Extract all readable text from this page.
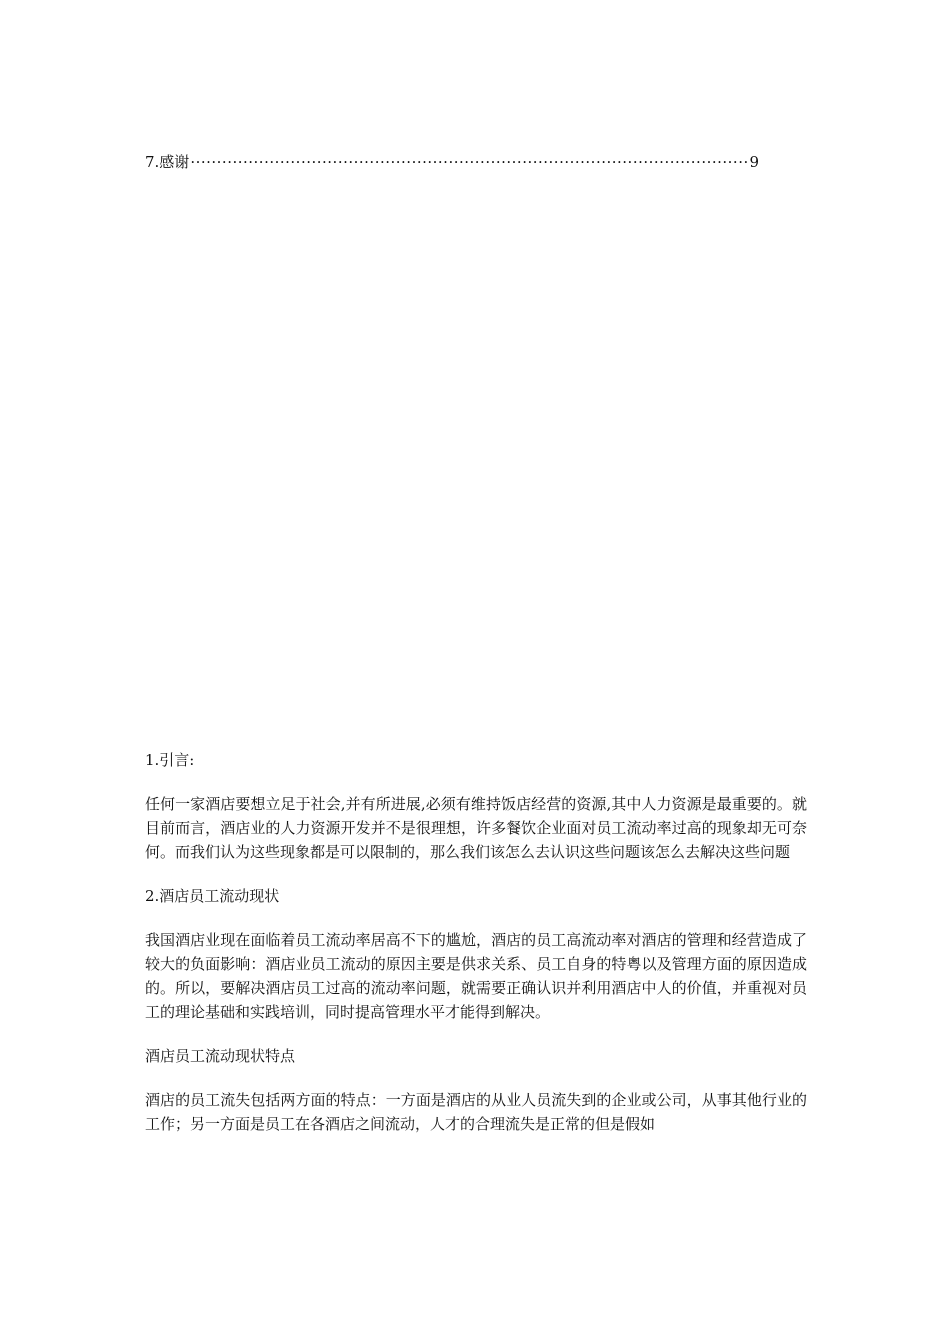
7.感谢
·····	9

1.引言:

任何一家酒店要想立足于社会,并有所进展,必须有维持饭店经营的资源,其中人力资源是最重要的。就目前而言，酒店业的人力资源开发并不是很理想，许多餐饮企业面对员工流动率过高的现象却无可奈何。而我们认为这些现象都是可以限制的，那么我们该怎么去认识这些问题该怎么去解决这些问题

2.酒店员工流动现状

我国酒店业现在面临着员工流动率居高不下的尴尬，酒店的员工高流动率对酒店的管理和经营造成了较大的负面影响：酒店业员工流动的原因主要是供求关系、员工自身的特粤以及管理方面的原因造成的。所以，要解决酒店员工过高的流动率问题，就需要正确认识并利用酒店中人的价值，并重视对员工的理论基础和实践培训，同时提高管理水平才能得到解决。

酒店员工流动现状特点

酒店的员工流失包括两方面的特点：一方面是酒店的从业人员流失到的企业或公司，从事其他行业的工作；另一方面是员工在各酒店之间流动，人才的合理流失是正常的但是假如
